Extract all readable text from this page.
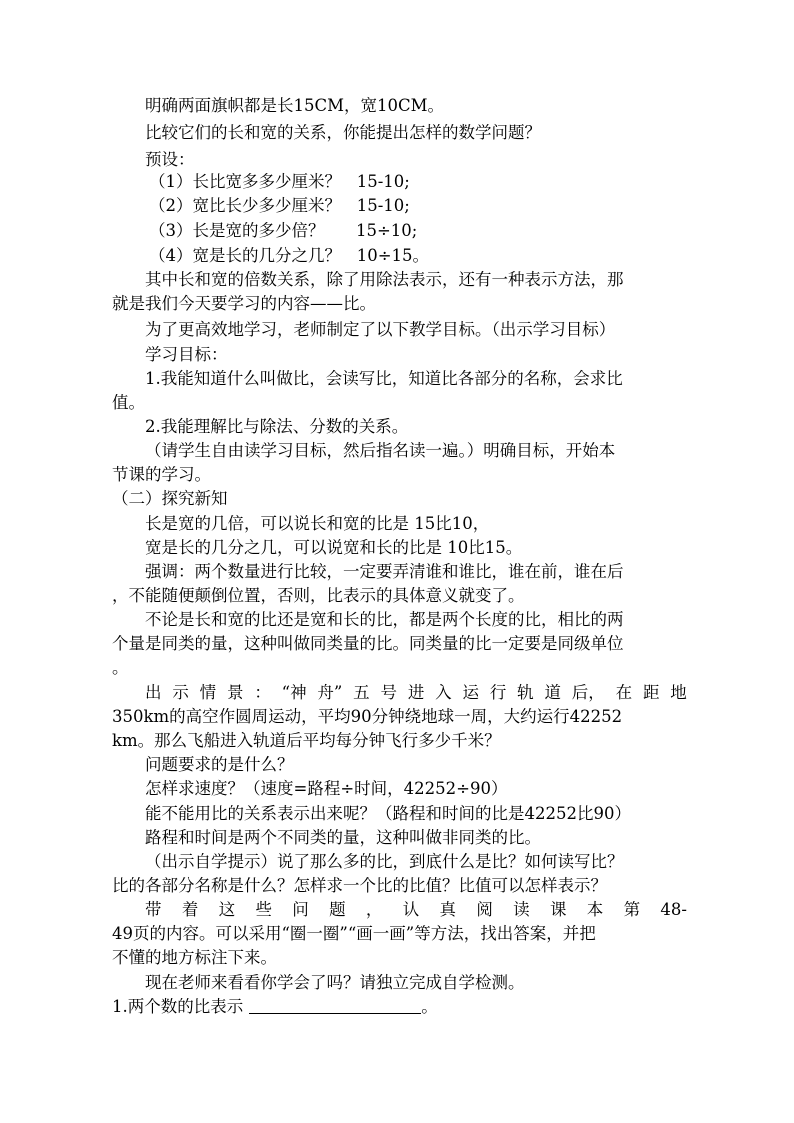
明确两面旗帜都是长15CM，宽10CM。
比较它们的长和宽的关系，你能提出怎样的数学问题？
预设：
（1）长比宽多多少厘米？   15-10;
（2）宽比长少多少厘米？   15-10;
（3）长是宽的多少倍？      15÷10;
（4）宽是长的几分之几？   10÷15。
其中长和宽的倍数关系，除了用除法表示，还有一种表示方法，那
就是我们今天要学习的内容——比。
为了更高效地学习，老师制定了以下教学目标。（出示学习目标）
学习目标：
1.我能知道什么叫做比，会读写比，知道比各部分的名称，会求比
值。
2.我能理解比与除法、分数的关系。
（请学生自由读学习目标，然后指名读一遍。）明确目标，开始本
节课的学习。
（二）探究新知
长是宽的几倍，可以说长和宽的比是 15比10，
宽是长的几分之几，可以说宽和长的比是 10比15。
强调：两个数量进行比较，一定要弄清谁和谁比，谁在前，谁在后
，不能随便颠倒位置，否则，比表示的具体意义就变了。
不论是长和宽的比还是宽和长的比，都是两个长度的比，相比的两
个量是同类的量，这种叫做同类量的比。同类量的比一定要是同级单位
。
出 示 情 景 ： “神 舟” 五 号 进 入 运 行 轨 道 后， 在 距 地
350km的高空作圆周运动，平均90分钟绕地球一周，大约运行42252
km。那么飞船进入轨道后平均每分钟飞行多少千米？
问题要求的是什么？
怎样求速度？（速度=路程÷时间，42252÷90）
能不能用比的关系表示出来呢？（路程和时间的比是42252比90）
路程和时间是两个不同类的量，这种叫做非同类的比。
（出示自学提示）说了那么多的比，到底什么是比？如何读写比？
比的各部分名称是什么？怎样求一个比的比值？比值可以怎样表示？
带 着 这 些 问 题 ， 认 真 阅 读 课 本 第 48-
49页的内容。可以采用“圈一圈”“画一画”等方法，找出答案，并把
不懂的地方标注下来。
现在老师来看看你学会了吗？请独立完成自学检测。
1.两个数的比表示	。
